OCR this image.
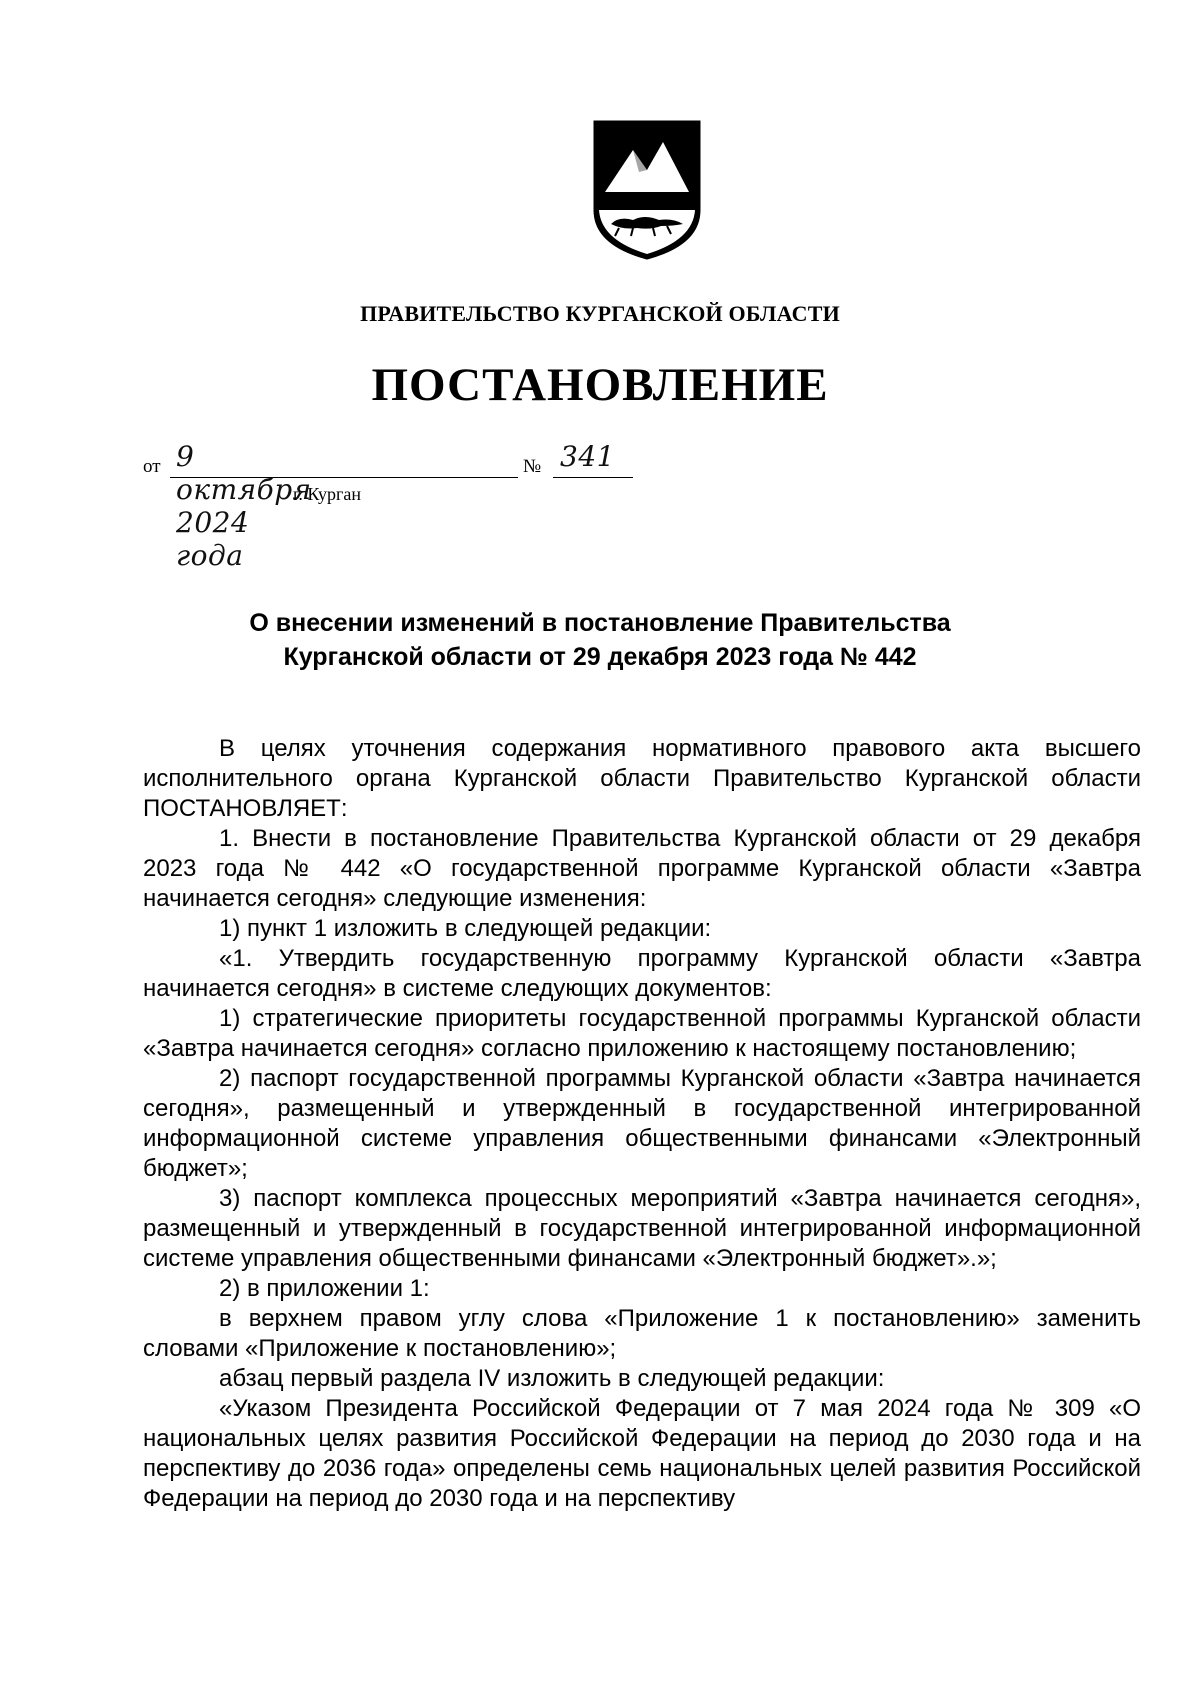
ПРАВИТЕЛЬСТВО КУРГАНСКОЙ ОБЛАСТИ
ПОСТАНОВЛЕНИЕ
от 9 октября 2024 года
№ 341
г. Курган
О внесении изменений в постановление Правительства
Курганской области от 29 декабря 2023 года № 442

В целях уточнения содержания нормативного правового акта высшего исполнительного органа Курганской области Правительство Курганской области ПОСТАНОВЛЯЕТ:

1. Внести в постановление Правительства Курганской области от 29 декабря 2023 года № 442 «О государственной программе Курганской области «Завтра начинается сегодня» следующие изменения:

1) пункт 1 изложить в следующей редакции:

«1. Утвердить государственную программу Курганской области «Завтра начинается сегодня» в системе следующих документов:

1) стратегические приоритеты государственной программы Курганской области «Завтра начинается сегодня» согласно приложению к настоящему постановлению;

2) паспорт государственной программы Курганской области «Завтра начинается сегодня», размещенный и утвержденный в государственной интегрированной информационной системе управления общественными финансами «Электронный бюджет»;

3) паспорт комплекса процессных мероприятий «Завтра начинается сегодня», размещенный и утвержденный в государственной интегрированной информационной системе управления общественными финансами «Электронный бюджет».»;

2) в приложении 1:

в верхнем правом углу слова «Приложение 1 к постановлению» заменить словами «Приложение к постановлению»;

абзац первый раздела IV изложить в следующей редакции:

«Указом Президента Российской Федерации от 7 мая 2024 года № 309 «О национальных целях развития Российской Федерации на период до 2030 года и на перспективу до 2036 года» определены семь национальных целей развития Российской Федерации на период до 2030 года и на перспективу
